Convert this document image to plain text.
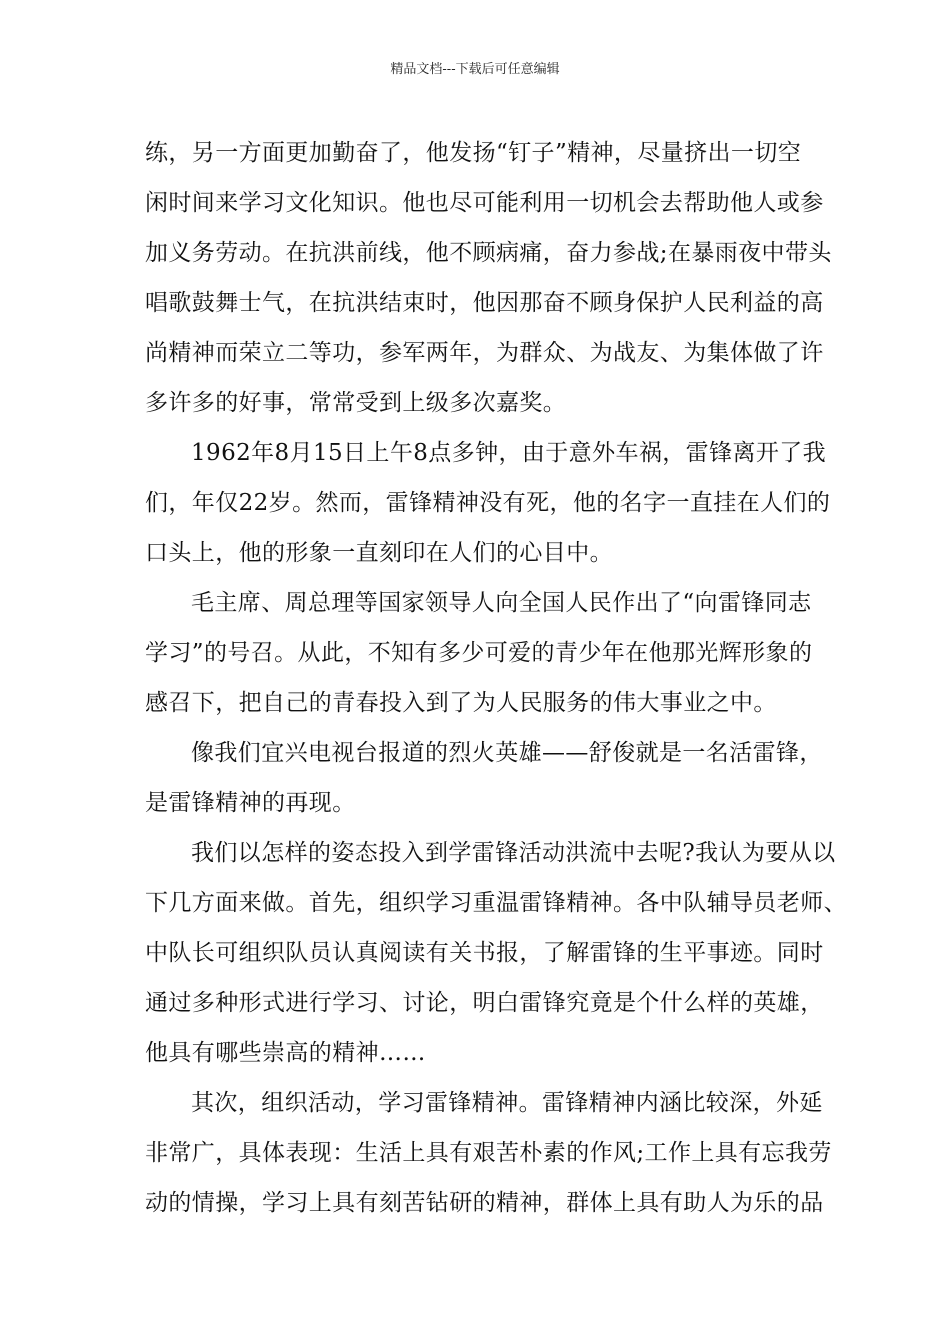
精品文档---下载后可任意编辑
练，另一方面更加勤奋了，他发扬“钉子”精神，尽量挤出一切空
闲时间来学习文化知识。他也尽可能利用一切机会去帮助他人或参
加义务劳动。在抗洪前线，他不顾病痛，奋力参战;在暴雨夜中带头
唱歌鼓舞士气，在抗洪结束时，他因那奋不顾身保护人民利益的高
尚精神而荣立二等功，参军两年，为群众、为战友、为集体做了许
多许多的好事，常常受到上级多次嘉奖。
1962年8月15日上午8点多钟，由于意外车祸，雷锋离开了我
们，年仅22岁。然而，雷锋精神没有死，他的名字一直挂在人们的
口头上，他的形象一直刻印在人们的心目中。
毛主席、周总理等国家领导人向全国人民作出了“向雷锋同志
学习”的号召。从此，不知有多少可爱的青少年在他那光辉形象的
感召下，把自己的青春投入到了为人民服务的伟大事业之中。
像我们宜兴电视台报道的烈火英雄——舒俊就是一名活雷锋，
是雷锋精神的再现。
我们以怎样的姿态投入到学雷锋活动洪流中去呢?我认为要从以
下几方面来做。首先，组织学习重温雷锋精神。各中队辅导员老师、
中队长可组织队员认真阅读有关书报，了解雷锋的生平事迹。同时
通过多种形式进行学习、讨论，明白雷锋究竟是个什么样的英雄，
他具有哪些崇高的精神……
其次，组织活动，学习雷锋精神。雷锋精神内涵比较深，外延
非常广，具体表现：生活上具有艰苦朴素的作风;工作上具有忘我劳
动的情操，学习上具有刻苦钻研的精神，群体上具有助人为乐的品
